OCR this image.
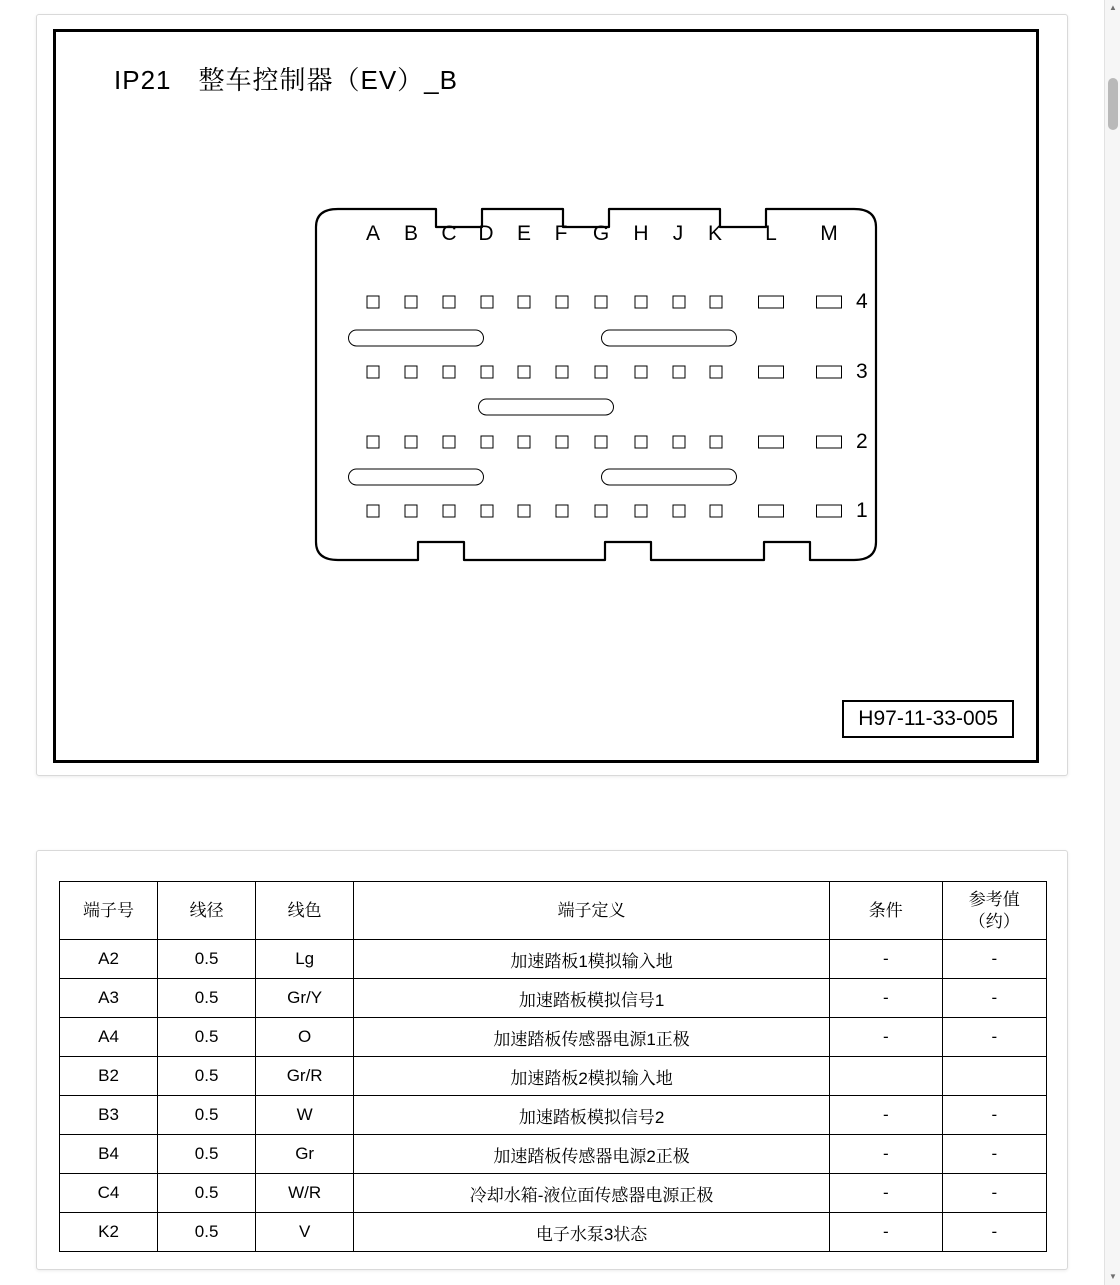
IP21　整车控制器（EV）_B
A B C D E F G H J K L M
4
3
2
1
H97-11-33-005
端子号	线径	线色	端子定义	条件	参考值
（约）

A2	0.5	Lg	加速踏板1模拟输入地	-	-
A3	0.5	Gr/Y	加速踏板模拟信号1	-	-
A4	0.5	O	加速踏板传感器电源1正极	-	-
B2	0.5	Gr/R	加速踏板2模拟输入地		
B3	0.5	W	加速踏板模拟信号2	-	-
B4	0.5	Gr	加速踏板传感器电源2正极	-	-
C4	0.5	W/R	冷却水箱-液位面传感器电源正极	-	-
K2	0.5	V	电子水泵3状态	-	-
▲
▼
